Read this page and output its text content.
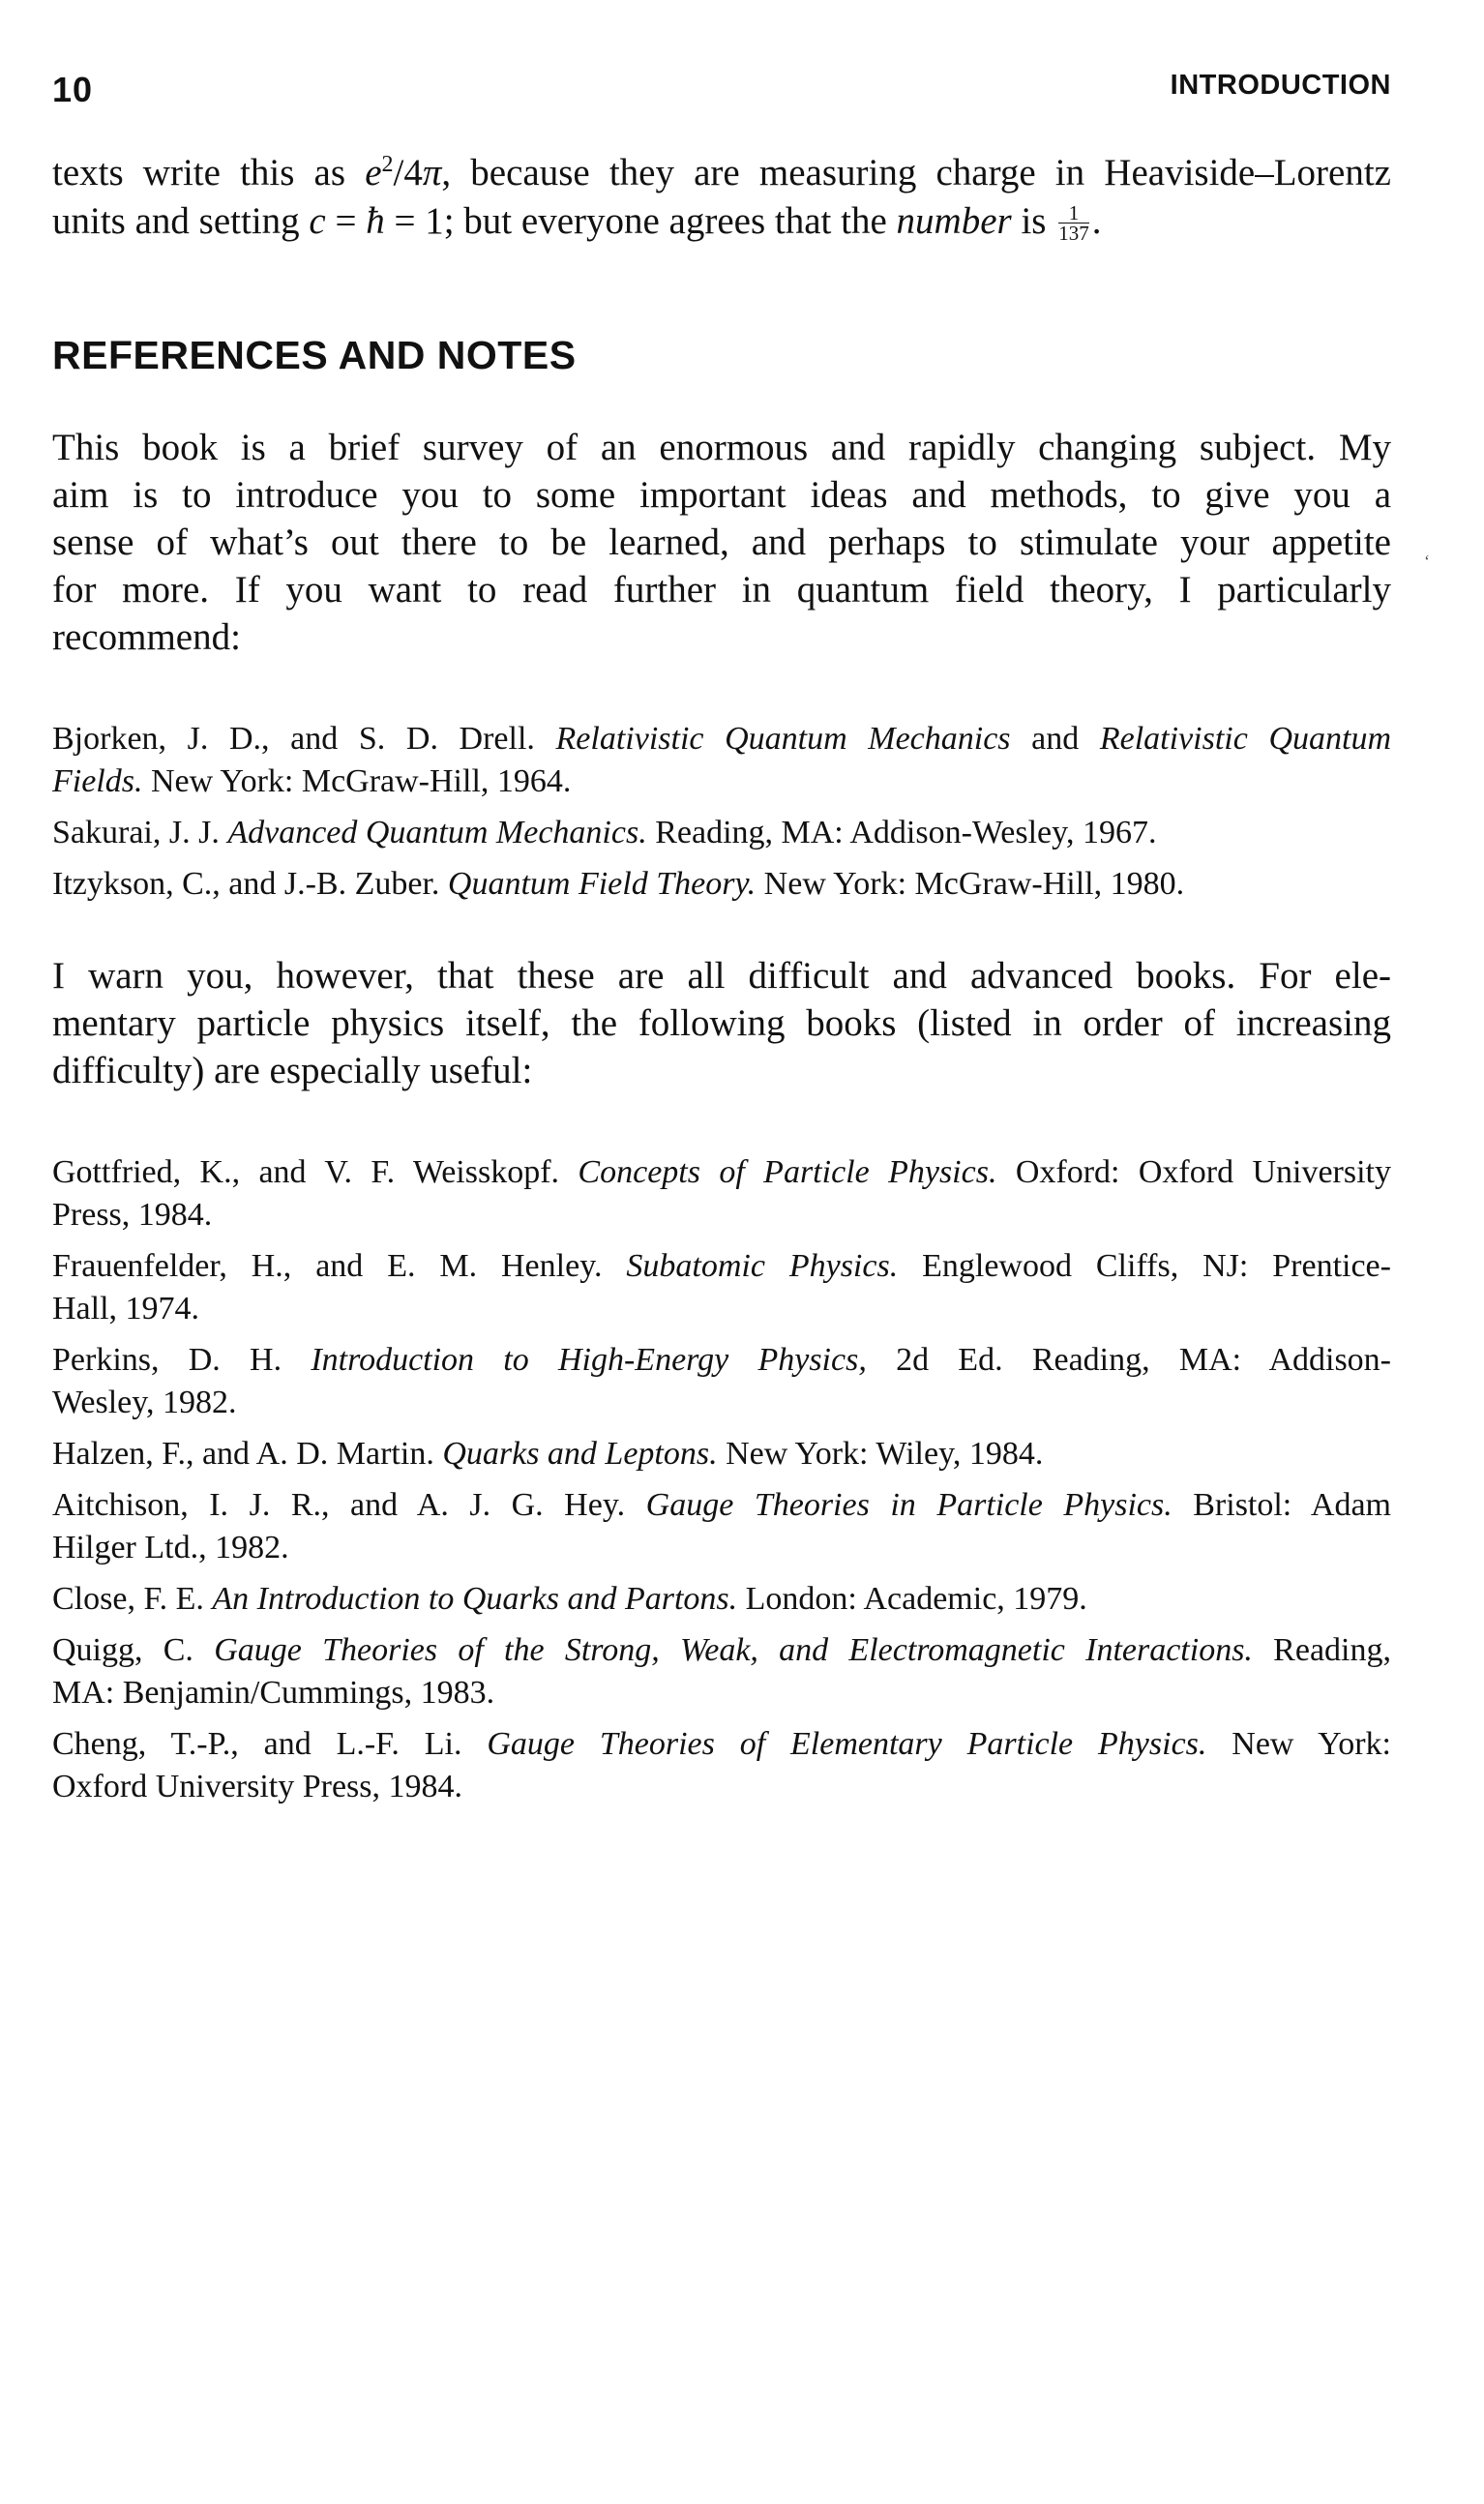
10	INTRODUCTION
texts write this as $e^2/4\pi$, because they are measuring charge in Heaviside–Lorentz
units and setting c = ħ = 1; but everyone agrees that the number is $\frac{1}{137}$ .
REFERENCES AND NOTES
This book is a brief survey of an enormous and rapidly changing subject. My
aim is to introduce you to some important ideas and methods, to give you a
sense of what’s out there to be learned, and perhaps to stimulate your appetite
for more. If you want to read further in quantum field theory, I particularly
recommend:
‘
Bjorken, J. D., and S. D. Drell. Relativistic Quantum Mechanics and Relativistic Quantum
Fields. New York: McGraw-Hill, 1964.
Sakurai, J. J. Advanced Quantum Mechanics. Reading, MA: Addison-Wesley, 1967.
Itzykson, C., and J.-B. Zuber. Quantum Field Theory. New York: McGraw-Hill, 1980.
I warn you, however, that these are all difficult and advanced books. For ele-
mentary particle physics itself, the following books (listed in order of increasing
difficulty) are especially useful:
Gottfried, K., and V. F. Weisskopf. Concepts of Particle Physics. Oxford: Oxford University
Press, 1984.
Frauenfelder, H., and E. M. Henley. Subatomic Physics. Englewood Cliffs, NJ: Prentice-
Hall, 1974.
Perkins, D. H. Introduction to High-Energy Physics, 2d Ed. Reading, MA: Addison-
Wesley, 1982.
Halzen, F., and A. D. Martin. Quarks and Leptons. New York: Wiley, 1984.
Aitchison, I. J. R., and A. J. G. Hey. Gauge Theories in Particle Physics. Bristol: Adam
Hilger Ltd., 1982.
Close, F. E. An Introduction to Quarks and Partons. London: Academic, 1979.
Quigg, C. Gauge Theories of the Strong, Weak, and Electromagnetic Interactions. Reading,
MA: Benjamin/Cummings, 1983.
Cheng, T.-P., and L.-F. Li. Gauge Theories of Elementary Particle Physics. New York:
Oxford University Press, 1984.
